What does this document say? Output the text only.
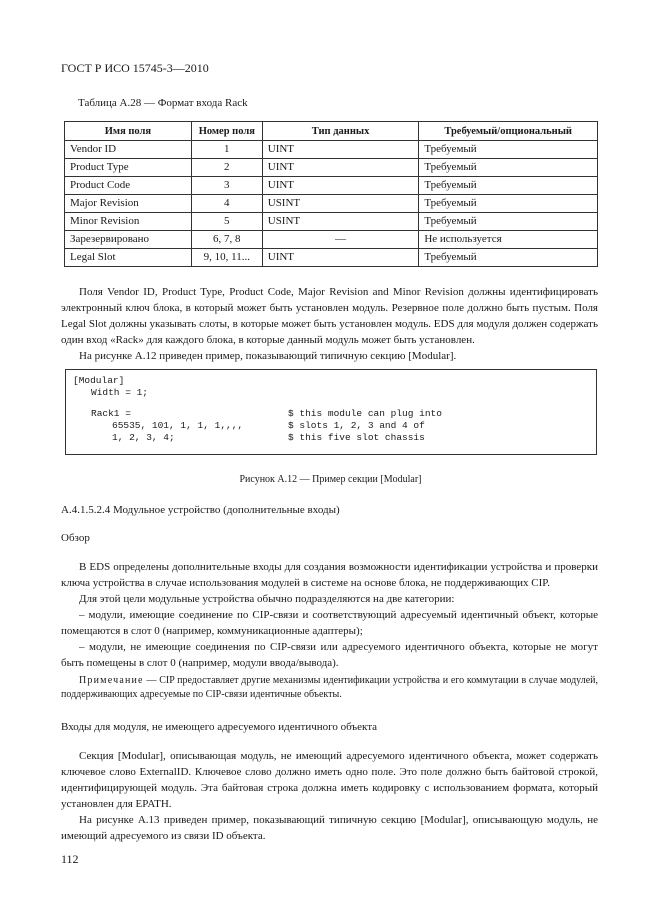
ГОСТ Р ИСО 15745-3—2010
Таблица А.28 — Формат входа Rack
Имя поля	Номер поля	Тип данных	Требуемый/опциональный
Vendor ID	1	UINT	Требуемый
Product Type	2	UINT	Требуемый
Product Code	3	UINT	Требуемый
Major Revision	4	USINT	Требуемый
Minor Revision	5	USINT	Требуемый
Зарезервировано	6, 7, 8	—	Не используется
Legal Slot	9, 10, 11...	UINT	Требуемый

Поля Vendor ID, Product Type, Product Code, Major Revision and Minor Revision должны идентифицировать электронный ключ блока, в который может быть установлен модуль. Резервное поле должно быть пустым. Поля Legal Slot должны указывать слоты, в которые может быть установлен модуль. EDS для модуля должен содержать один вход «Rack» для каждого блока, в которые данный модуль может быть установлен.

На рисунке А.12 приведен пример, показывающий типичную секцию [Modular].

[Modular]
Width = 1;
Rack1 =
65535, 101, 1, 1, 1,,,,
1, 2, 3, 4;
$ this module can plug into
$ slots 1, 2, 3 and 4 of
$ this five slot chassis
Рисунок А.12 — Пример секции [Modular]
А.4.1.5.2.4 Модульное устройство (дополнительные входы)
Обзор

В EDS определены дополнительные входы для создания возможности идентификации устройства и проверки ключа устройства в случае использования модулей в системе на основе блока, не поддерживающих CIP.

Для этой цели модульные устройства обычно подразделяются на две категории:

– модули, имеющие соединение по CIP-связи и соответствующий адресуемый идентичный объект, которые помещаются в слот 0 (например, коммуникационные адаптеры);

– модули, не имеющие соединения по CIP-связи или адресуемого идентичного объекта, которые не могут быть помещены в слот 0 (например, модули ввода/вывода).

Примечание — CIP предоставляет другие механизмы идентификации устройства и его коммутации в случае модулей, поддерживающих адресуемые по CIP-связи идентичные объекты.

Входы для модуля, не имеющего адресуемого идентичного объекта

Секция [Modular], описывающая модуль, не имеющий адресуемого идентичного объекта, может содержать ключевое слово ExternalID. Ключевое слово должно иметь одно поле. Это поле должно быть байтовой строкой, идентифицирующей модуль. Эта байтовая строка должна иметь кодировку с использованием формата, который установлен для EPATH.

На рисунке А.13 приведен пример, показывающий типичную секцию [Modular], описывающую модуль, не имеющий адресуемого из связи ID объекта.

112
